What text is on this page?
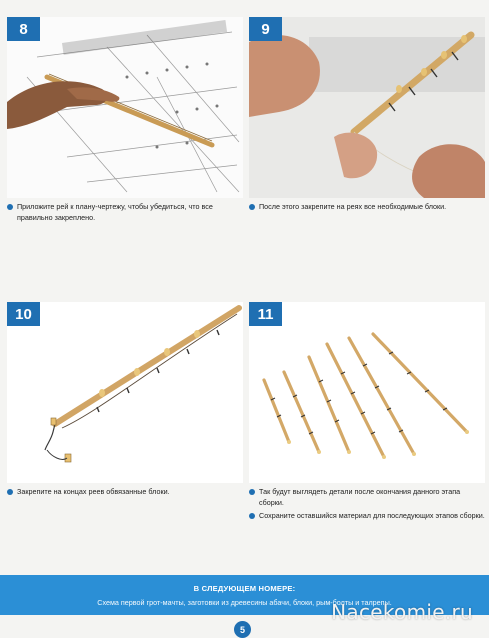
8
Приложите рей к плану-чертежу, чтобы убедиться, что все правильно закреплено.
9
После этого закрепите на реях все необходимые блоки.
10
Закрепите на концах реев обвязанные блоки.
11
Так будут выглядеть детали после окончания данного этапа сборки.
Сохраните оставшийся материал для последующих этапов сборки.
В СЛЕДУЮЩЕМ НОМЕРЕ:
Схема первой грот-мачты, заготовки из древесины абачи, блоки, рым-болты и талрепы.
Nacekomie.ru
5
